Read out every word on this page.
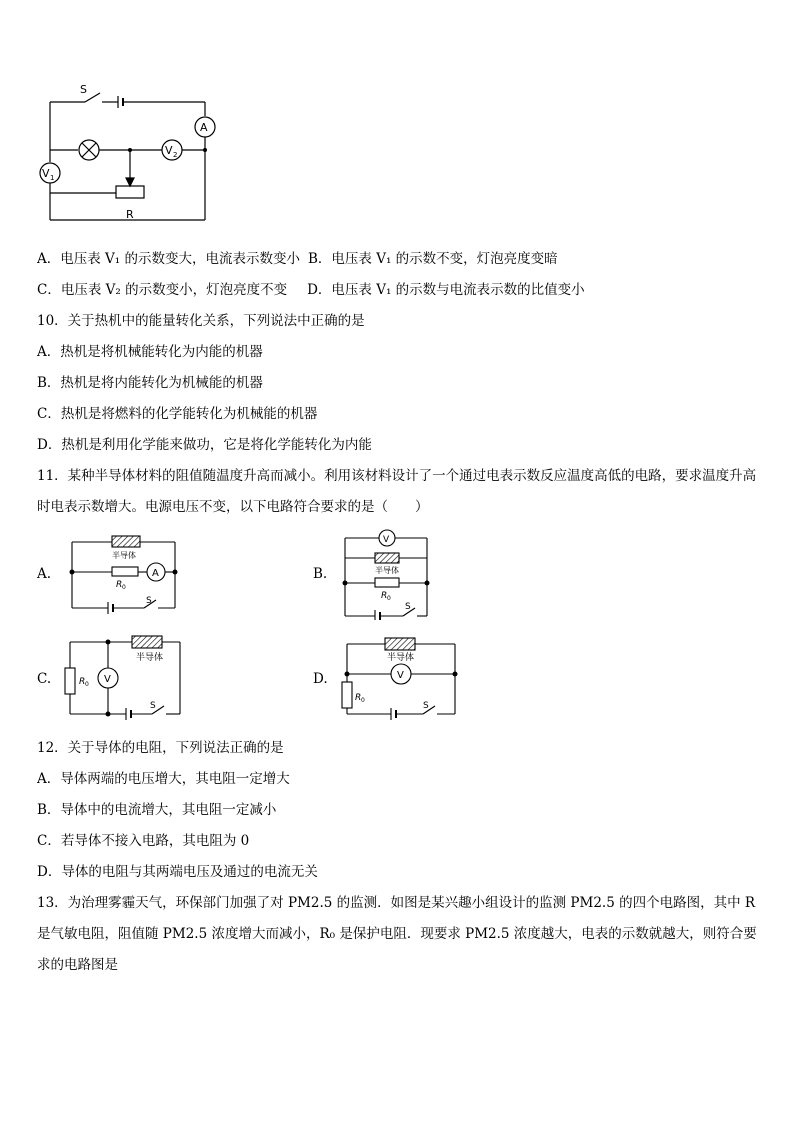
S
A
V 2
V 1
R
A．电压表 V₁ 的示数变大，电流表示数变小 B．电压表 V₁ 的示数不变，灯泡亮度变暗
C．电压表 V₂ 的示数变小，灯泡亮度不变 D．电压表 V₁ 的示数与电流表示数的比值变小
10．关于热机中的能量转化关系，下列说法中正确的是
A．热机是将机械能转化为内能的机器
B．热机是将内能转化为机械能的机器
C．热机是将燃料的化学能转化为机械能的机器
D．热机是利用化学能来做功，它是将化学能转化为内能
11．某种半导体材料的阻值随温度升高而减小。利用该材料设计了一个通过电表示数反应温度高低的电路，要求温度升高时电表示数增大。电源电压不变，以下电路符合要求的是（　　）
A.
半导体
R 0
A
S
B.
V
半导体
R 0
S
C.
半导体
R 0 V
S
D.
半导体
V
R 0
S
12．关于导体的电阻，下列说法正确的是
A．导体两端的电压增大，其电阻一定增大
B．导体中的电流增大，其电阻一定减小
C．若导体不接入电路，其电阻为 0
D．导体的电阻与其两端电压及通过的电流无关
13．为治理雾霾天气，环保部门加强了对 PM2.5 的监测．如图是某兴趣小组设计的监测 PM2.5 的四个电路图，其中 R 是气敏电阻，阻值随 PM2.5 浓度增大而减小，R₀ 是保护电阻．现要求 PM2.5 浓度越大，电表的示数就越大，则符合要求的电路图是
